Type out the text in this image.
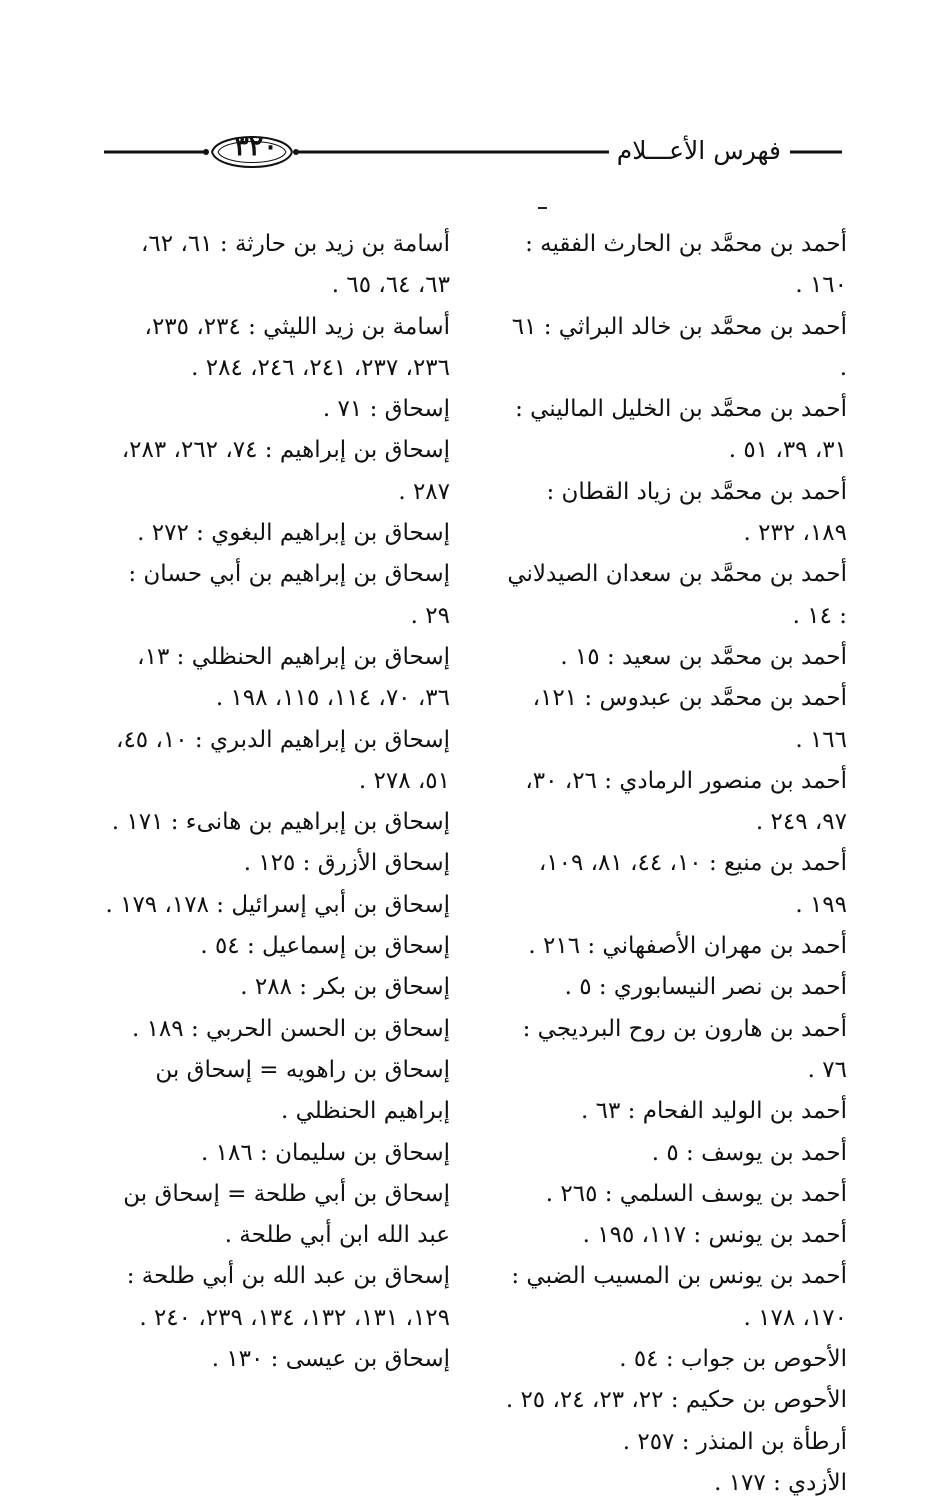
٣٢٠	فهرس الأعـــلام
أحمد بن محمَّد بن الحارث الفقيه : ١٦٠ .
أحمد بن محمَّد بن خالد البراثي : ٦١ .
أحمد بن محمَّد بن الخليل الماليني : ٣١، ٣٩، ٥١ .
أحمد بن محمَّد بن زياد القطان : ١٨٩، ٢٣٢ .
أحمد بن محمَّد بن سعدان الصيدلاني : ١٤ .
أحمد بن محمَّد بن سعيد : ١٥ .
أحمد بن محمَّد بن عبدوس : ١٢١، ١٦٦ .
أحمد بن منصور الرمادي : ٢٦، ٣٠، ٩٧، ٢٤٩ .
أحمد بن منيع : ١٠، ٤٤، ٨١، ١٠٩، ١٩٩ .
أحمد بن مهران الأصفهاني : ٢١٦ .
أحمد بن نصر النيسابوري : ٥ .
أحمد بن هارون بن روح البرديجي : ٧٦ .
أحمد بن الوليد الفحام : ٦٣ .
أحمد بن يوسف : ٥ .
أحمد بن يوسف السلمي : ٢٦٥ .
أحمد بن يونس : ١١٧، ١٩٥ .
أحمد بن يونس بن المسيب الضبي : ١٧٠، ١٧٨ .
الأحوص بن جواب : ٥٤ .
الأحوص بن حكيم : ٢٢، ٢٣، ٢٤، ٢٥ .
أرطأة بن المنذر : ٢٥٧ .
الأزدي : ١٧٧ .
أسامة بن زيد بن حارثة : ٦١، ٦٢، ٦٣، ٦٤، ٦٥ .
أسامة بن زيد الليثي : ٢٣٤، ٢٣٥، ٢٣٦، ٢٣٧، ٢٤١، ٢٤٦، ٢٨٤ .
إسحاق : ٧١ .
إسحاق بن إبراهيم : ٧٤، ٢٦٢، ٢٨٣، ٢٨٧ .
إسحاق بن إبراهيم البغوي : ٢٧٢ .
إسحاق بن إبراهيم بن أبي حسان : ٢٩ .
إسحاق بن إبراهيم الحنظلي : ١٣، ٣٦، ٧٠، ١١٤، ١١٥، ١٩٨ .
إسحاق بن إبراهيم الدبري : ١٠، ٤٥، ٥١، ٢٧٨ .
إسحاق بن إبراهيم بن هانىء : ١٧١ .
إسحاق الأزرق : ١٢٥ .
إسحاق بن أبي إسرائيل : ١٧٨، ١٧٩ .
إسحاق بن إسماعيل : ٥٤ .
إسحاق بن بكر : ٢٨٨ .
إسحاق بن الحسن الحربي : ١٨٩ .
إسحاق بن راهويه = إسحاق بن إبراهيم الحنظلي .
إسحاق بن سليمان : ١٨٦ .
إسحاق بن أبي طلحة = إسحاق بن عبد الله ابن أبي طلحة .
إسحاق بن عبد الله بن أبي طلحة : ١٢٩، ١٣١، ١٣٢، ١٣٤، ٢٣٩، ٢٤٠ .
إسحاق بن عيسى : ١٣٠ .
